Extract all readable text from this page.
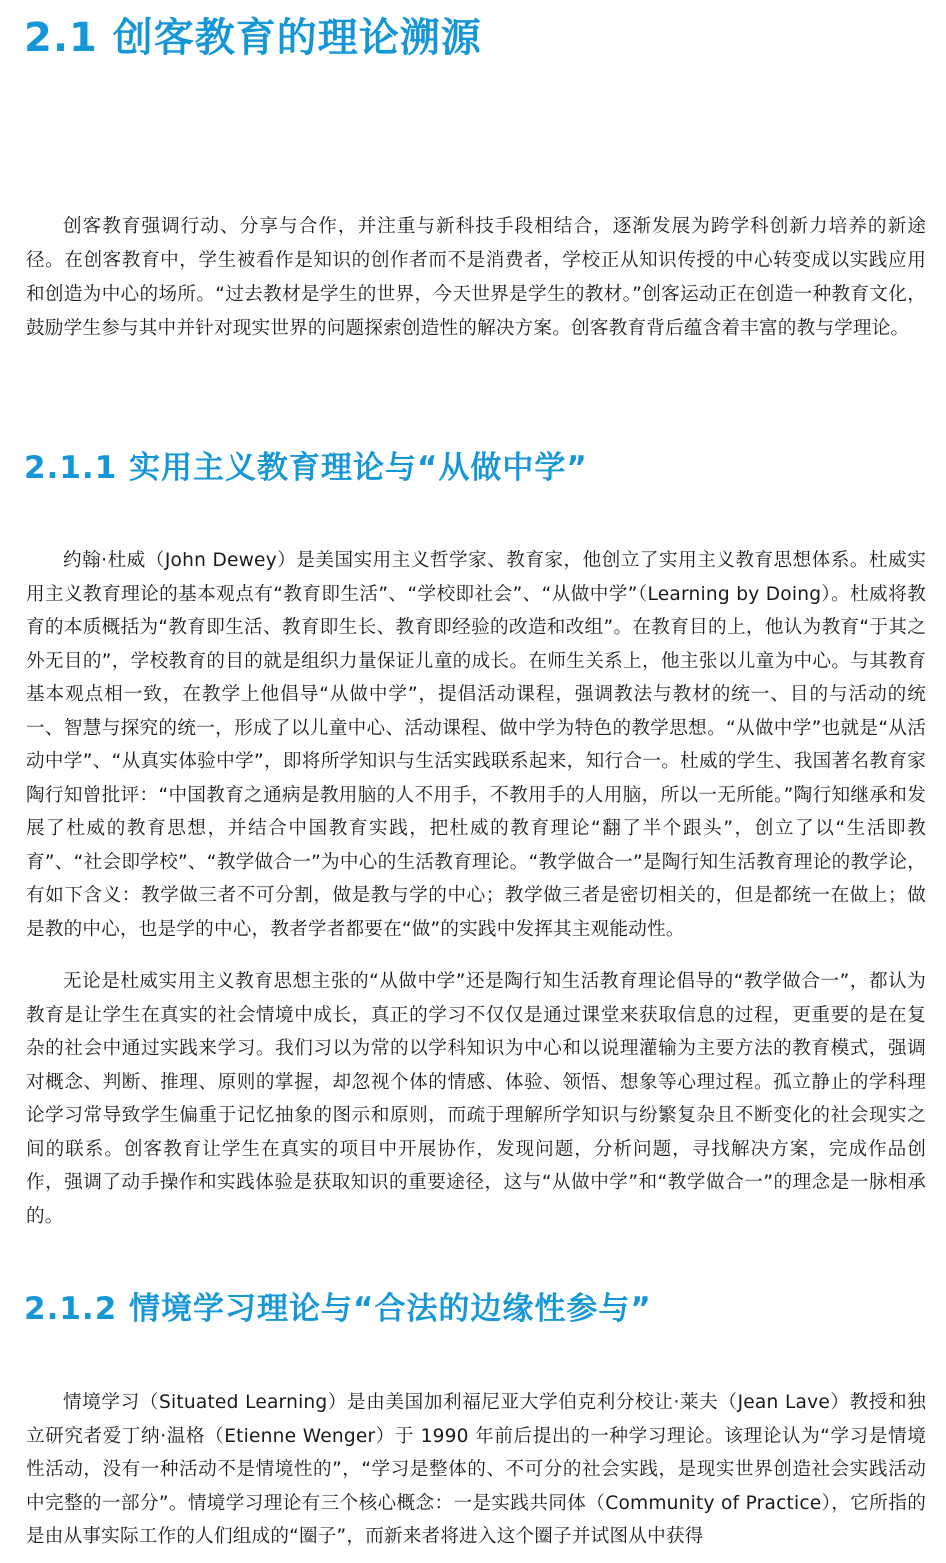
2.1 创客教育的理论溯源

创客教育强调行动、分享与合作，并注重与新科技手段相结合，逐渐发展为跨学科创新力培养的新途径。在创客教育中，学生被看作是知识的创作者而不是消费者，学校正从知识传授的中心转变成以实践应用和创造为中心的场所。“过去教材是学生的世界，今天世界是学生的教材。”创客运动正在创造一种教育文化，鼓励学生参与其中并针对现实世界的问题探索创造性的解决方案。创客教育背后蕴含着丰富的教与学理论。

2.1.1 实用主义教育理论与“从做中学”

约翰·杜威（John Dewey）是美国实用主义哲学家、教育家，他创立了实用主义教育思想体系。杜威实用主义教育理论的基本观点有“教育即生活”、“学校即社会”、“从做中学”（Learning by Doing）。杜威将教育的本质概括为“教育即生活、教育即生长、教育即经验的改造和改组”。在教育目的上，他认为教育“于其之外无目的”，学校教育的目的就是组织力量保证儿童的成长。在师生关系上，他主张以儿童为中心。与其教育基本观点相一致，在教学上他倡导“从做中学”，提倡活动课程，强调教法与教材的统一、目的与活动的统一、智慧与探究的统一，形成了以儿童中心、活动课程、做中学为特色的教学思想。“从做中学”也就是“从活动中学”、“从真实体验中学”，即将所学知识与生活实践联系起来，知行合一。杜威的学生、我国著名教育家陶行知曾批评：“中国教育之通病是教用脑的人不用手，不教用手的人用脑，所以一无所能。”陶行知继承和发展了杜威的教育思想，并结合中国教育实践，把杜威的教育理论“翻了半个跟头”，创立了以“生活即教育”、“社会即学校”、“教学做合一”为中心的生活教育理论。“教学做合一”是陶行知生活教育理论的教学论，有如下含义：教学做三者不可分割，做是教与学的中心；教学做三者是密切相关的，但是都统一在做上；做是教的中心，也是学的中心，教者学者都要在“做”的实践中发挥其主观能动性。

无论是杜威实用主义教育思想主张的“从做中学”还是陶行知生活教育理论倡导的“教学做合一”，都认为教育是让学生在真实的社会情境中成长，真正的学习不仅仅是通过课堂来获取信息的过程，更重要的是在复杂的社会中通过实践来学习。我们习以为常的以学科知识为中心和以说理灌输为主要方法的教育模式，强调对概念、判断、推理、原则的掌握，却忽视个体的情感、体验、领悟、想象等心理过程。孤立静止的学科理论学习常导致学生偏重于记忆抽象的图示和原则，而疏于理解所学知识与纷繁复杂且不断变化的社会现实之间的联系。创客教育让学生在真实的项目中开展协作，发现问题，分析问题，寻找解决方案，完成作品创作，强调了动手操作和实践体验是获取知识的重要途径，这与“从做中学”和“教学做合一”的理念是一脉相承的。

2.1.2 情境学习理论与“合法的边缘性参与”

情境学习（Situated Learning）是由美国加利福尼亚大学伯克利分校让·莱夫（Jean Lave）教授和独立研究者爱丁纳·温格（Etienne Wenger）于 1990 年前后提出的一种学习理论。该理论认为“学习是情境性活动，没有一种活动不是情境性的”，“学习是整体的、不可分的社会实践，是现实世界创造社会实践活动中完整的一部分”。情境学习理论有三个核心概念：一是实践共同体（Community of Practice），它所指的是由从事实际工作的人们组成的“圈子”，而新来者将进入这个圈子并试图从中获得
